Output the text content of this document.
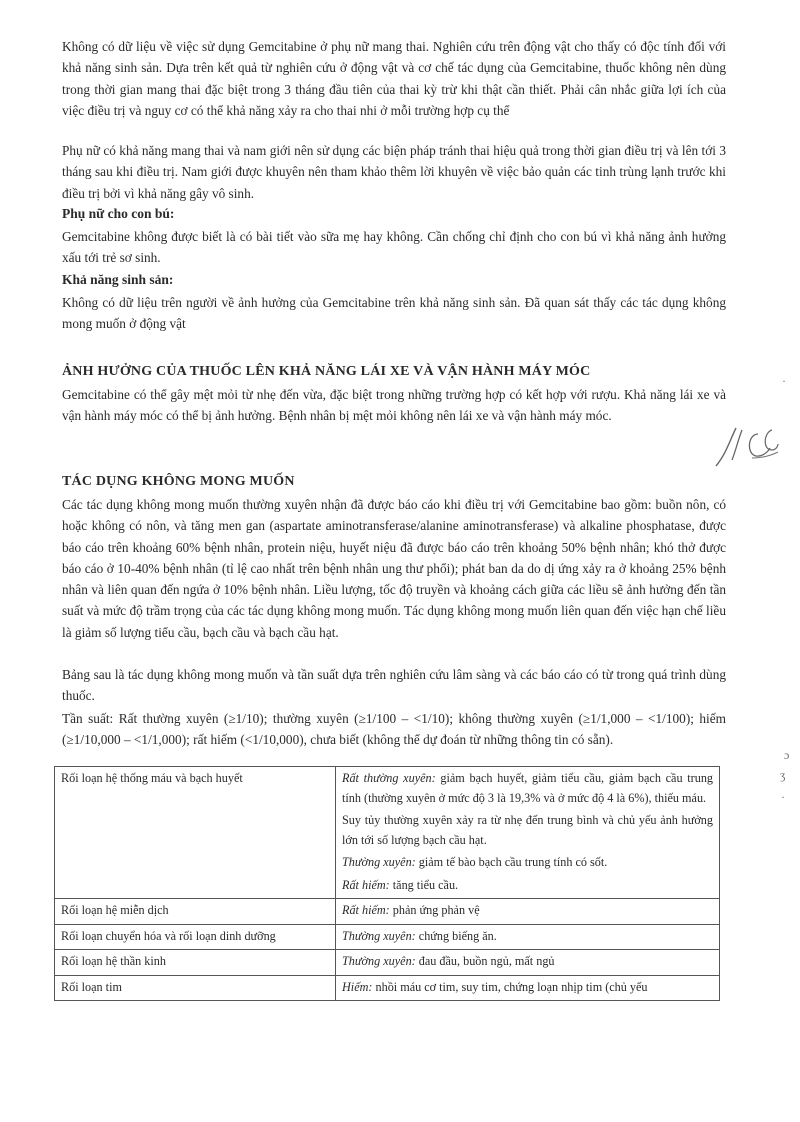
Không có dữ liệu về việc sử dụng Gemcitabine ở phụ nữ mang thai. Nghiên cứu trên động vật cho thấy có độc tính đối với khả năng sinh sản. Dựa trên kết quả từ nghiên cứu ở động vật và cơ chế tác dụng của Gemcitabine, thuốc không nên dùng trong thời gian mang thai đặc biệt trong 3 tháng đầu tiên của thai kỳ trừ khi thật cần thiết. Phải cân nhắc giữa lợi ích của việc điều trị và nguy cơ có thể khả năng xảy ra cho thai nhi ở mỗi trường hợp cụ thể

Phụ nữ có khả năng mang thai và nam giới nên sử dụng các biện pháp tránh thai hiệu quả trong thời gian điều trị và lên tới 3 tháng sau khi điều trị. Nam giới được khuyên nên tham khảo thêm lời khuyên về việc bảo quản các tinh trùng lạnh trước khi điều trị bởi vì khả năng gây vô sinh.

Phụ nữ cho con bú:

Gemcitabine không được biết là có bài tiết vào sữa mẹ hay không. Cần chống chỉ định cho con bú vì khả năng ảnh hưởng xấu tới trẻ sơ sinh.

Khả năng sinh sản:

Không có dữ liệu trên người về ảnh hưởng của Gemcitabine trên khả năng sinh sản. Đã quan sát thấy các tác dụng không mong muốn ở động vật

ẢNH HƯỞNG CỦA THUỐC LÊN KHẢ NĂNG LÁI XE VÀ VẬN HÀNH MÁY MÓC

Gemcitabine có thể gây mệt mỏi từ nhẹ đến vừa, đặc biệt trong những trường hợp có kết hợp với rượu. Khả năng lái xe và vận hành máy móc có thể bị ảnh hưởng. Bệnh nhân bị mệt mỏi không nên lái xe và vận hành máy móc.

TÁC DỤNG KHÔNG MONG MUỐN

Các tác dụng không mong muốn thường xuyên nhận đã được báo cáo khi điều trị với Gemcitabine bao gồm: buồn nôn, có hoặc không có nôn, và tăng men gan (aspartate aminotransferase/alanine aminotransferase) và alkaline phosphatase, được báo cáo trên khoảng 60% bệnh nhân, protein niệu, huyết niệu đã được báo cáo trên khoảng 50% bệnh nhân; khó thở được báo cáo ở 10-40% bệnh nhân (tỉ lệ cao nhất trên bệnh nhân ung thư phổi); phát ban da do dị ứng xảy ra ở khoảng 25% bệnh nhân và liên quan đến ngứa ở 10% bệnh nhân. Liều lượng, tốc độ truyền và khoảng cách giữa các liều sẽ ảnh hưởng đến tần suất và mức độ trầm trọng của các tác dụng không mong muốn. Tác dụng không mong muốn liên quan đến việc hạn chế liều là giảm số lượng tiểu cầu, bạch cầu và bạch cầu hạt.

Bảng sau là tác dụng không mong muốn và tần suất dựa trên nghiên cứu lâm sàng và các báo cáo có từ trong quá trình dùng thuốc.

Tần suất: Rất thường xuyên (≥1/10); thường xuyên (≥1/100 – <1/10); không thường xuyên (≥1/1,000 – <1/100); hiếm (≥1/10,000 – <1/1,000); rất hiếm (<1/10,000), chưa biết (không thể dự đoán từ những thông tin có sẵn).

Rối loạn hệ thống máu và bạch huyết	Rất thường xuyên: giảm bạch huyết, giảm tiểu cầu, giảm bạch cầu trung tính (thường xuyên ở mức độ 3 là 19,3% và ở mức độ 4 là 6%), thiếu máu.

Suy tủy thường xuyên xảy ra từ nhẹ đến trung bình và chủ yếu ảnh hưởng lớn tới số lượng bạch cầu hạt.

Thường xuyên: giảm tế bào bạch cầu trung tính có sốt.

Rất hiếm: tăng tiểu cầu.

Rối loạn hệ miễn dịch	Rất hiếm: phản ứng phản vệ

Rối loạn chuyển hóa và rối loạn dinh dưỡng	Thường xuyên: chứng biếng ăn.

Rối loạn hệ thần kinh	Thường xuyên: đau đầu, buồn ngủ, mất ngủ

Rối loạn tim	Hiếm: nhồi máu cơ tim, suy tim, chứng loạn nhịp tim (chủ yếu

·
ɔ
ʒ
·
